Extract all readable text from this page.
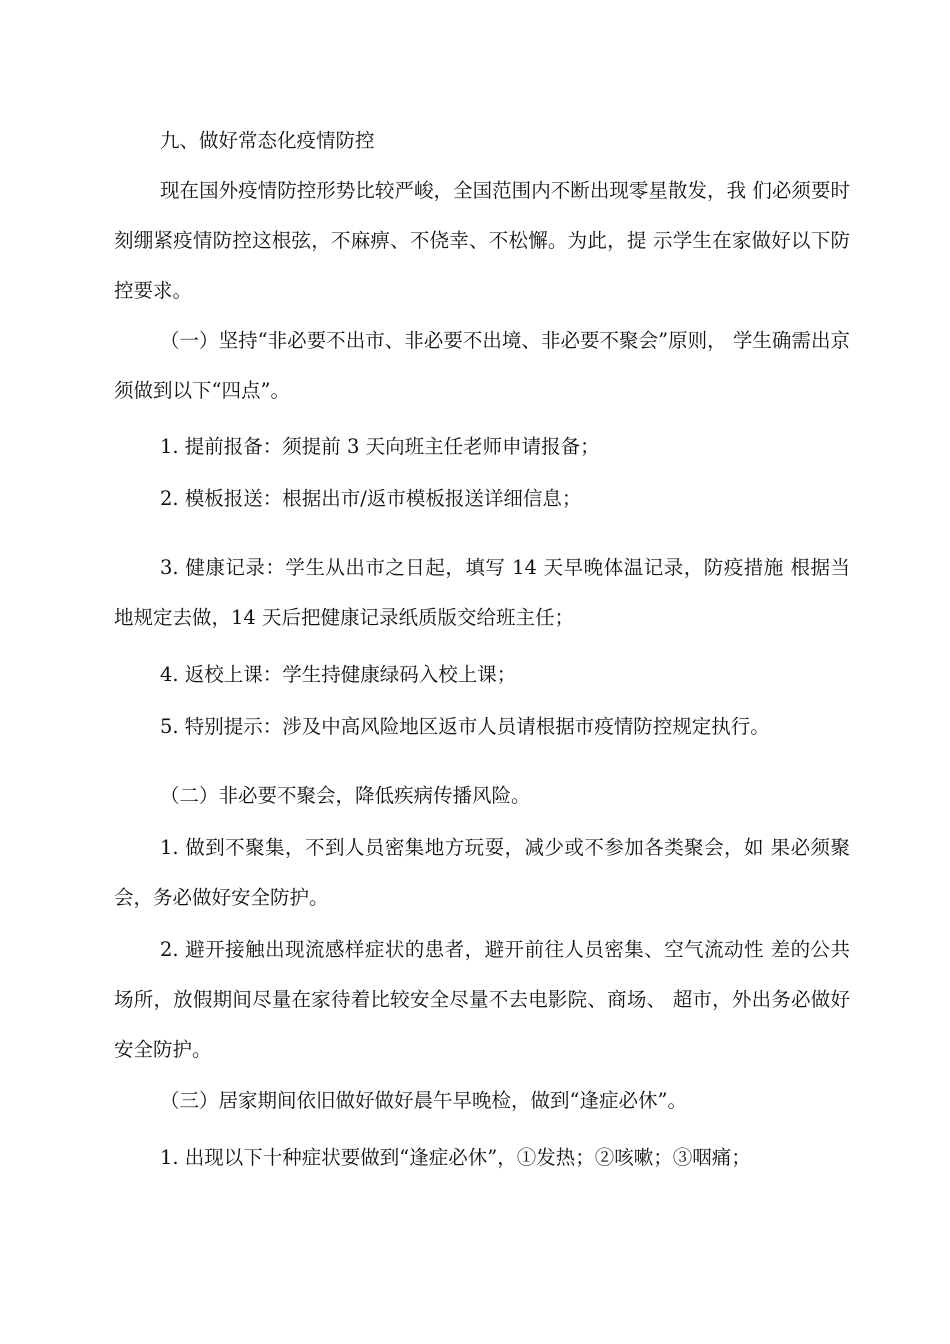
九、做好常态化疫情防控

现在国外疫情防控形势比较严峻，全国范围内不断出现零星散发，我 们必须要时刻绷紧疫情防控这根弦，不麻痹、不侥幸、不松懈。为此，提 示学生在家做好以下防控要求。

（一）坚持“非必要不出市、非必要不出境、非必要不聚会”原则， 学生确需出京须做到以下“四点”。

1. 提前报备：须提前 3 天向班主任老师申请报备；

2. 模板报送：根据出市/返市模板报送详细信息；

3. 健康记录：学生从出市之日起，填写 14 天早晚体温记录，防疫措施 根据当地规定去做，14 天后把健康记录纸质版交给班主任；

4. 返校上课：学生持健康绿码入校上课；

5. 特别提示：涉及中高风险地区返市人员请根据市疫情防控规定执行。

（二）非必要不聚会，降低疾病传播风险。

1. 做到不聚集，不到人员密集地方玩耍，减少或不参加各类聚会，如 果必须聚会，务必做好安全防护。

2. 避开接触出现流感样症状的患者，避开前往人员密集、空气流动性 差的公共场所，放假期间尽量在家待着比较安全尽量不去电影院、商场、 超市，外出务必做好安全防护。

（三）居家期间依旧做好做好晨午早晚检，做到“逢症必休”。

1. 出现以下十种症状要做到“逢症必休”，①发热；②咳嗽；③咽痛；
